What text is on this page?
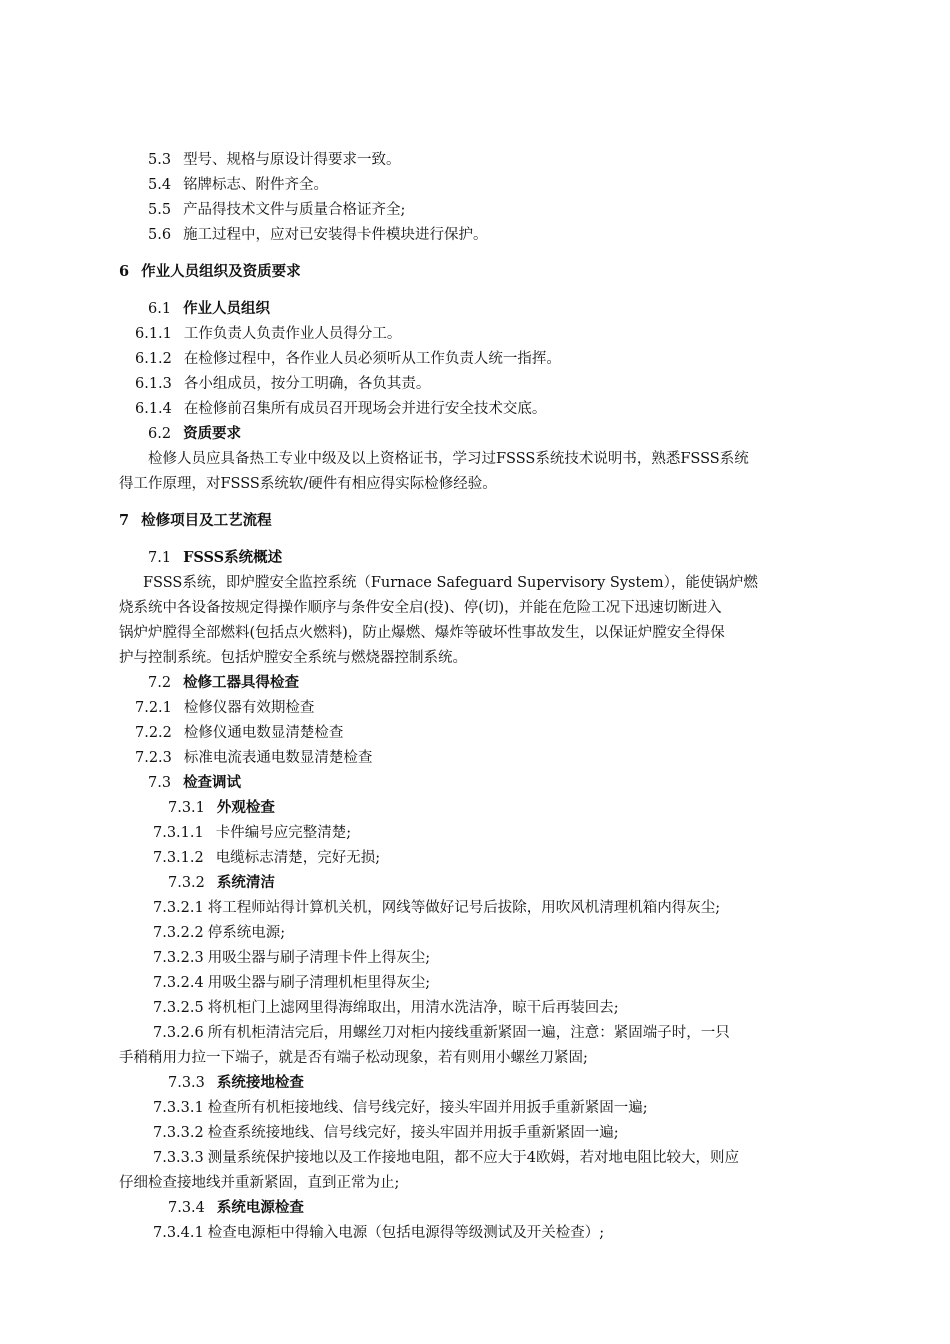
5.3 型号、规格与原设计得要求一致。
5.4 铭牌标志、附件齐全。
5.5 产品得技术文件与质量合格证齐全;
5.6 施工过程中，应对已安装得卡件模块进行保护。
6 作业人员组织及资质要求
6.1 作业人员组织
6.1.1 工作负责人负责作业人员得分工。
6.1.2 在检修过程中，各作业人员必须听从工作负责人统一指挥。
6.1.3 各小组成员，按分工明确，各负其责。
6.1.4 在检修前召集所有成员召开现场会并进行安全技术交底。
6.2 资质要求
检修人员应具备热工专业中级及以上资格证书，学习过FSSS系统技术说明书，熟悉FSSS系统
得工作原理，对FSSS系统软/硬件有相应得实际检修经验。
7 检修项目及工艺流程
7.1 FSSS系统概述
FSSS系统，即炉膛安全监控系统（Furnace Safeguard Supervisory System），能使锅炉燃
烧系统中各设备按规定得操作顺序与条件安全启(投)、停(切)，并能在危险工况下迅速切断进入
锅炉炉膛得全部燃料(包括点火燃料)，防止爆燃、爆炸等破坏性事故发生，以保证炉膛安全得保
护与控制系统。包括炉膛安全系统与燃烧器控制系统。
7.2 检修工器具得检查
7.2.1 检修仪器有效期检查
7.2.2 检修仪通电数显清楚检查
7.2.3 标准电流表通电数显清楚检查
7.3 检查调试
7.3.1 外观检查
7.3.1.1 卡件编号应完整清楚;
7.3.1.2 电缆标志清楚，完好无损;
7.3.2 系统清洁
7.3.2.1 将工程师站得计算机关机，网线等做好记号后拔除，用吹风机清理机箱内得灰尘;
7.3.2.2 停系统电源;
7.3.2.3 用吸尘器与刷子清理卡件上得灰尘;
7.3.2.4 用吸尘器与刷子清理机柜里得灰尘;
7.3.2.5 将机柜门上滤网里得海绵取出，用清水洗洁净，晾干后再装回去;
7.3.2.6 所有机柜清洁完后，用螺丝刀对柜内接线重新紧固一遍，注意：紧固端子时，一只
手稍稍用力拉一下端子，就是否有端子松动现象，若有则用小螺丝刀紧固;
7.3.3 系统接地检查
7.3.3.1 检查所有机柜接地线、信号线完好，接头牢固并用扳手重新紧固一遍;
7.3.3.2 检查系统接地线、信号线完好，接头牢固并用扳手重新紧固一遍;
7.3.3.3 测量系统保护接地以及工作接地电阻，都不应大于4欧姆，若对地电阻比较大，则应
仔细检查接地线并重新紧固，直到正常为止;
7.3.4 系统电源检查
7.3.4.1 检查电源柜中得输入电源（包括电源得等级测试及开关检查）;
